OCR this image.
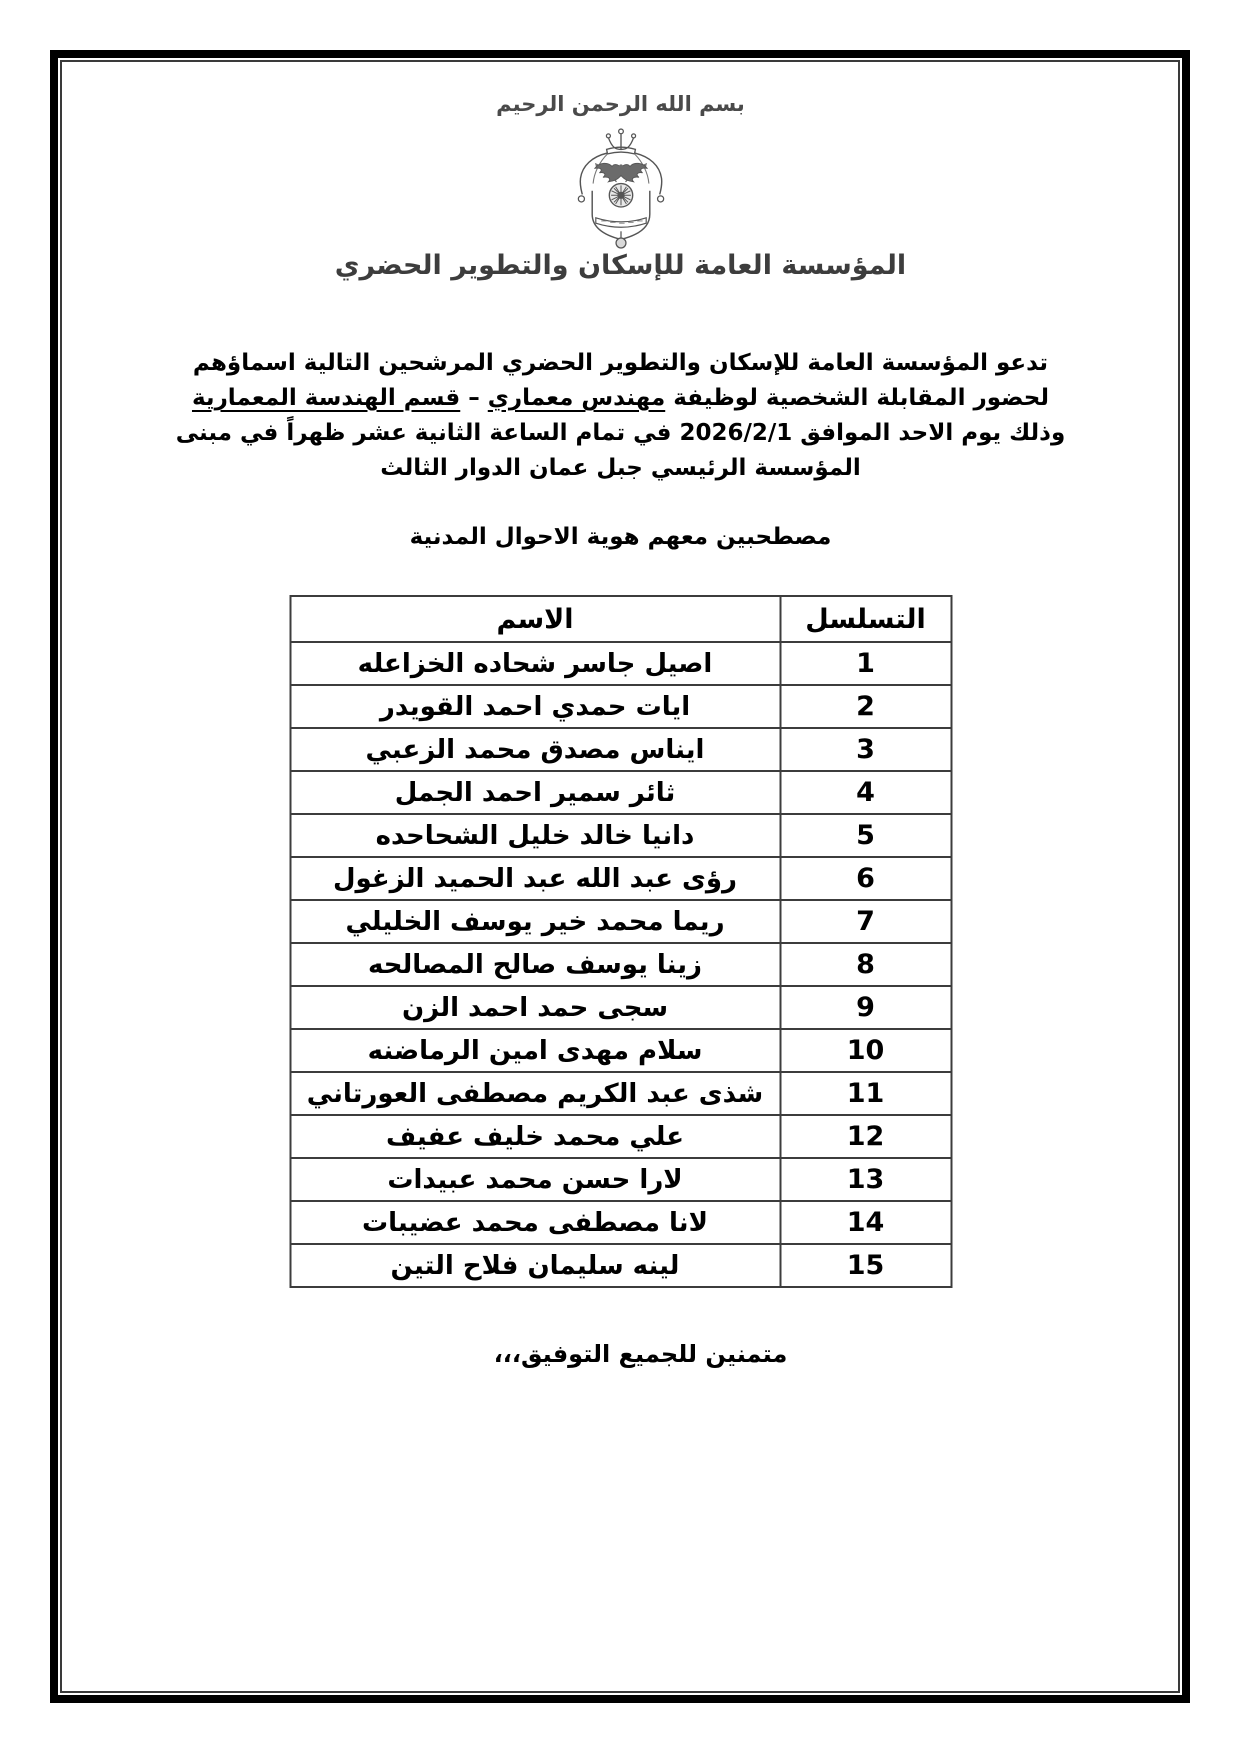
بسم الله الرحمن الرحيم
المؤسسة العامة للإسكان والتطوير الحضري
تدعو المؤسسة العامة للإسكان والتطوير الحضري المرشحين التالية اسماؤهم
لحضور المقابلة الشخصية لوظيفة مهندس معماري – قسم الهندسة المعمارية
وذلك يوم الاحد الموافق 2026/2/1 في تمام الساعة الثانية عشر ظهراً في مبنى
المؤسسة الرئيسي جبل عمان الدوار الثالث
مصطحبين معهم هوية الاحوال المدنية
التسلسل	الاسم
1	اصيل جاسر شحاده الخزاعله
2	ايات حمدي احمد القويدر
3	ايناس مصدق محمد الزعبي
4	ثائر سمير احمد الجمل
5	دانيا خالد خليل الشحاحده
6	رؤى عبد الله عبد الحميد الزغول
7	ريما محمد خير يوسف الخليلي
8	زينا يوسف صالح المصالحه
9	سجى حمد احمد الزن
10	سلام مهدى امين الرماضنه
11	شذى عبد الكريم مصطفى العورتاني
12	علي محمد خليف عفيف
13	لارا حسن محمد عبيدات
14	لانا مصطفى محمد عضيبات
15	لينه سليمان فلاح التين
متمنين للجميع التوفيق،،،
